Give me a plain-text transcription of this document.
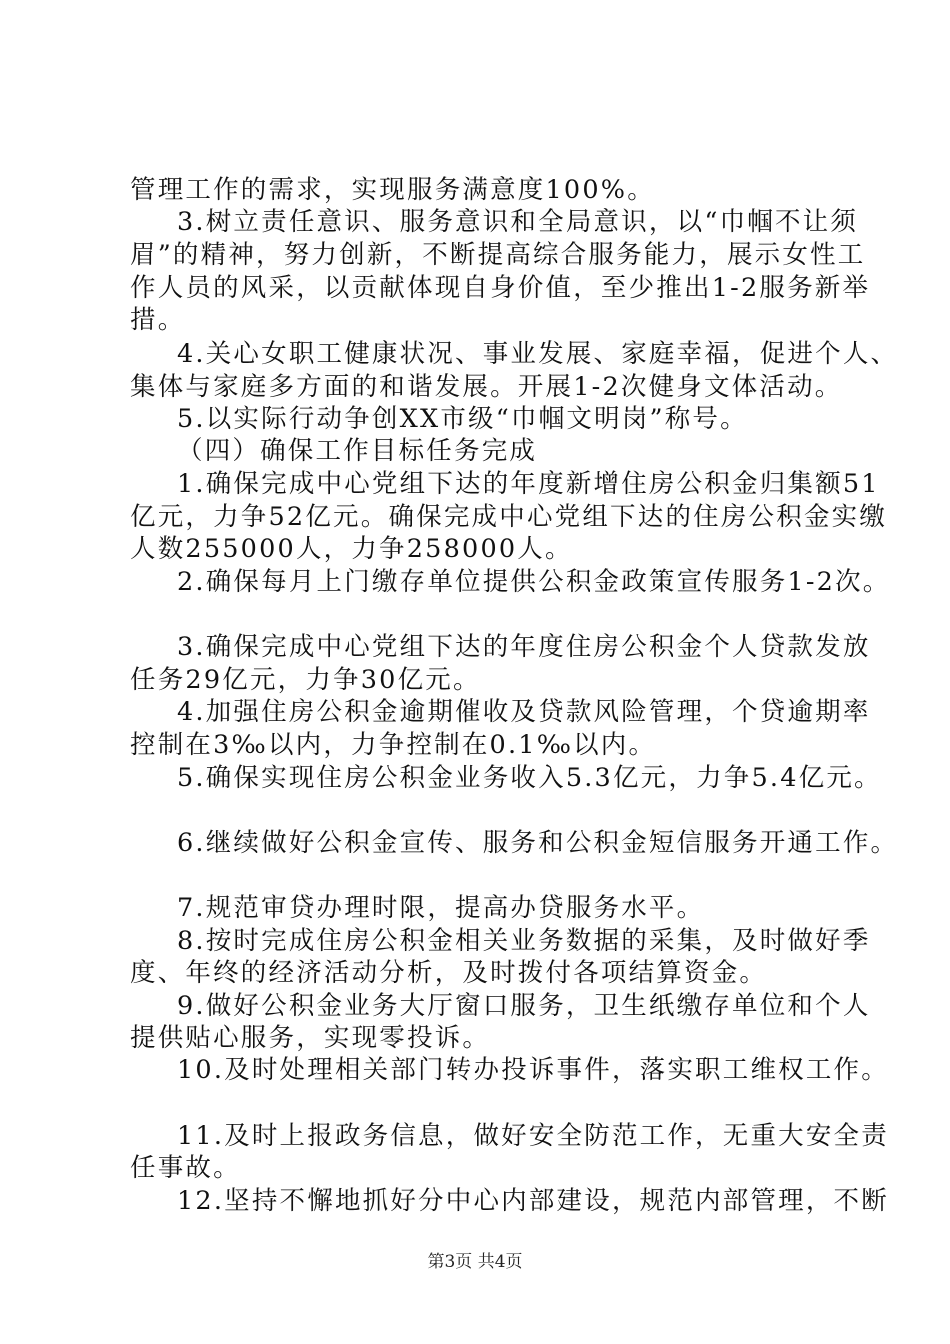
管理工作的需求，实现服务满意度100%。
3.树立责任意识、服务意识和全局意识，以“巾帼不让须
眉”的精神，努力创新，不断提高综合服务能力，展示女性工
作人员的风采，以贡献体现自身价值，至少推出1-2服务新举
措。
4.关心女职工健康状况、事业发展、家庭幸福，促进个人、
集体与家庭多方面的和谐发展。开展1-2次健身文体活动。
5.以实际行动争创XX市级“巾帼文明岗”称号。
（四）确保工作目标任务完成
1.确保完成中心党组下达的年度新增住房公积金归集额51
亿元，力争52亿元。确保完成中心党组下达的住房公积金实缴
人数255000人，力争258000人。
2.确保每月上门缴存单位提供公积金政策宣传服务1-2次。
3.确保完成中心党组下达的年度住房公积金个人贷款发放
任务29亿元，力争30亿元。
4.加强住房公积金逾期催收及贷款风险管理，个贷逾期率
控制在3‰以内，力争控制在0.1‰以内。
5.确保实现住房公积金业务收入5.3亿元，力争5.4亿元。
6.继续做好公积金宣传、服务和公积金短信服务开通工作。
7.规范审贷办理时限，提高办贷服务水平。
8.按时完成住房公积金相关业务数据的采集，及时做好季
度、年终的经济活动分析，及时拨付各项结算资金。
9.做好公积金业务大厅窗口服务，卫生纸缴存单位和个人
提供贴心服务，实现零投诉。
10.及时处理相关部门转办投诉事件，落实职工维权工作。
11.及时上报政务信息，做好安全防范工作，无重大安全责
任事故。
12.坚持不懈地抓好分中心内部建设，规范内部管理，不断
第3页 共4页
